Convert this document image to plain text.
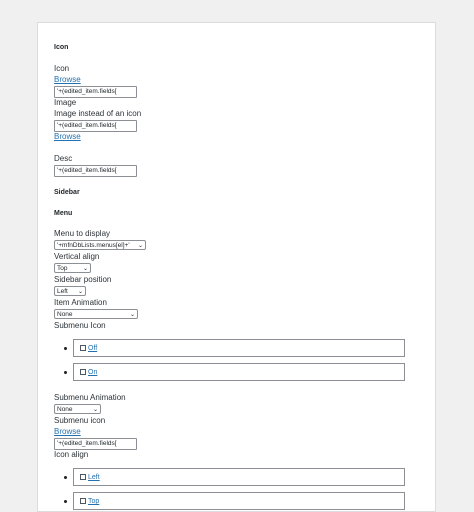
Icon
Icon
Browse
'+(edited_item.fields[
Image
Image instead of an icon
'+(edited_item.fields[
Browse
Desc
'+(edited_item.fields[
Sidebar
Menu
Menu to display
'+mfnDbLists.menus[el]+' ⌄
Vertical align
Top	⌄
Sidebar position
Left ⌄
Item Animation
None	⌄
Submenu Icon
Off
On
Submenu Animation
None	⌄
Submenu icon
Browse
'+(edited_item.fields[
Icon align
Left
Top
